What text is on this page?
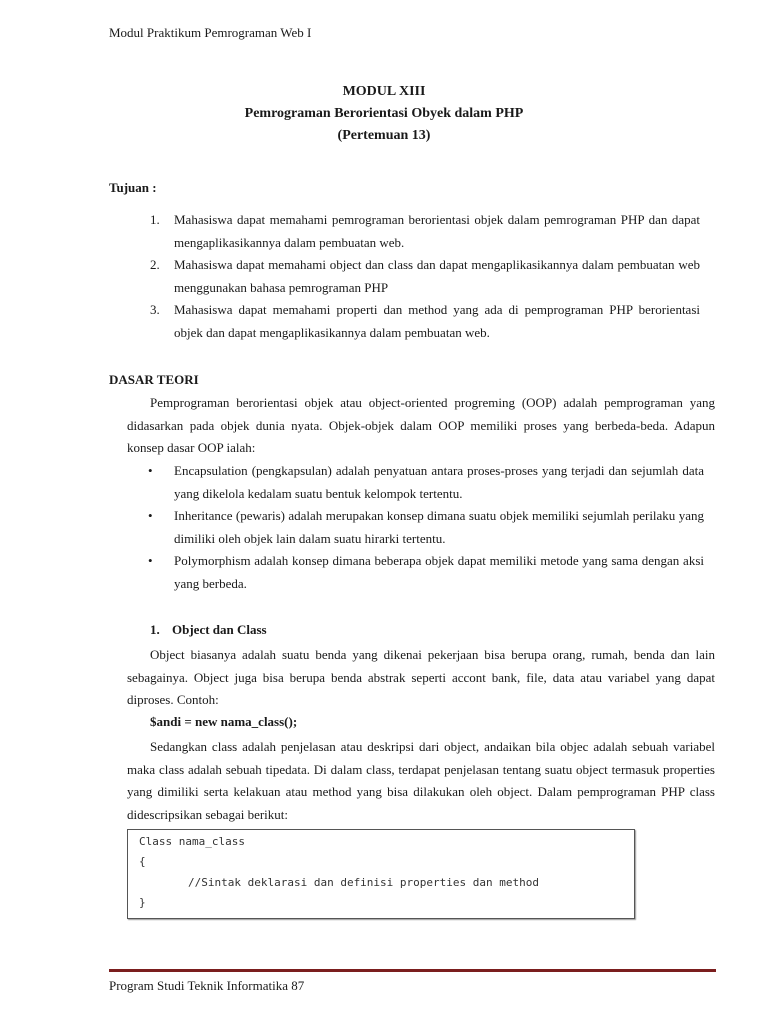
Modul Praktikum Pemrograman Web I
MODUL XIII
Pemrograman Berorientasi Obyek dalam PHP
(Pertemuan 13)
Tujuan :
1. Mahasiswa dapat memahami pemrograman berorientasi objek dalam pemrograman PHP dan dapat mengaplikasikannya dalam pembuatan web.
2. Mahasiswa dapat memahami object dan class dan dapat mengaplikasikannya dalam pembuatan web menggunakan bahasa pemrograman PHP
3. Mahasiswa dapat memahami properti dan method yang ada di pemprograman PHP berorientasi objek dan dapat mengaplikasikannya dalam pembuatan web.
DASAR TEORI
Pemprograman berorientasi objek atau object-oriented progreming (OOP) adalah pemprograman yang didasarkan pada objek dunia nyata. Objek-objek dalam OOP memiliki proses yang berbeda-beda. Adapun konsep dasar OOP ialah:
• Encapsulation (pengkapsulan) adalah penyatuan antara proses-proses yang terjadi dan sejumlah data yang dikelola kedalam suatu bentuk kelompok tertentu.
• Inheritance (pewaris) adalah merupakan konsep dimana suatu objek memiliki sejumlah perilaku yang dimiliki oleh objek lain dalam suatu hirarki tertentu.
• Polymorphism adalah konsep dimana beberapa objek dapat memiliki metode yang sama dengan aksi yang berbeda.
1. Object dan Class
Object biasanya adalah suatu benda yang dikenai pekerjaan bisa berupa orang, rumah, benda dan lain sebagainya. Object juga bisa berupa benda abstrak seperti accont bank, file, data atau variabel yang dapat diproses. Contoh:
$andi = new nama_class();
Sedangkan class adalah penjelasan atau deskripsi dari object, andaikan bila objec adalah sebuah variabel maka class adalah sebuah tipedata. Di dalam class, terdapat penjelasan tentang suatu object termasuk properties yang dimiliki serta kelakuan atau method yang bisa dilakukan oleh object. Dalam pemprograman PHP class didescripsikan sebagai berikut:
Class nama_class
{
//Sintak deklarasi dan definisi properties dan method
}
Program Studi Teknik Informatika 87
